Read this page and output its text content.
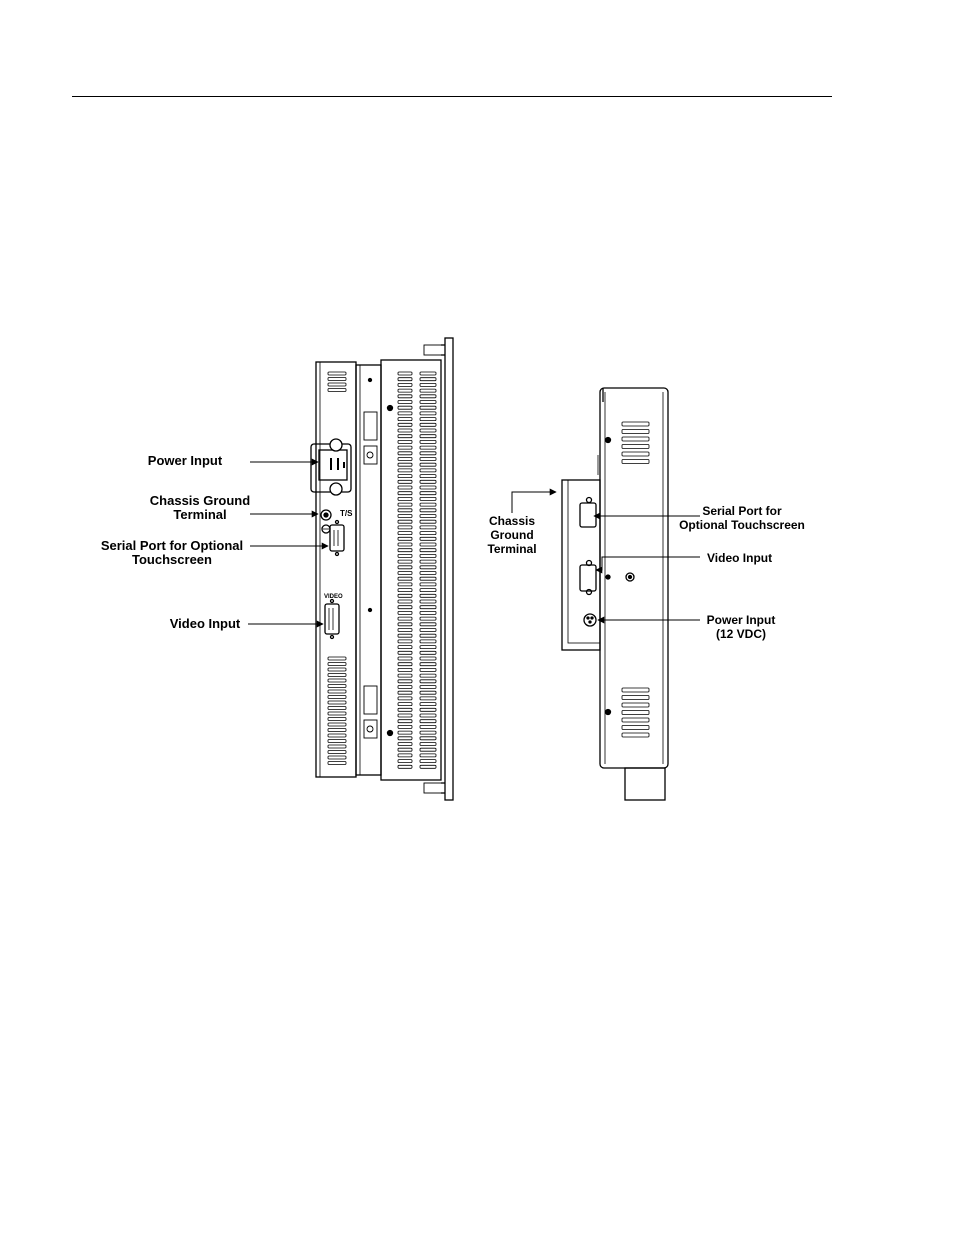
Power Input
Chassis Ground
Terminal
Serial Port for Optional
Touchscreen
Video Input
T/S
VIDEO
Chassis
Ground
Terminal
Serial Port for
Optional Touchscreen
Video Input
Power Input
(12 VDC)
